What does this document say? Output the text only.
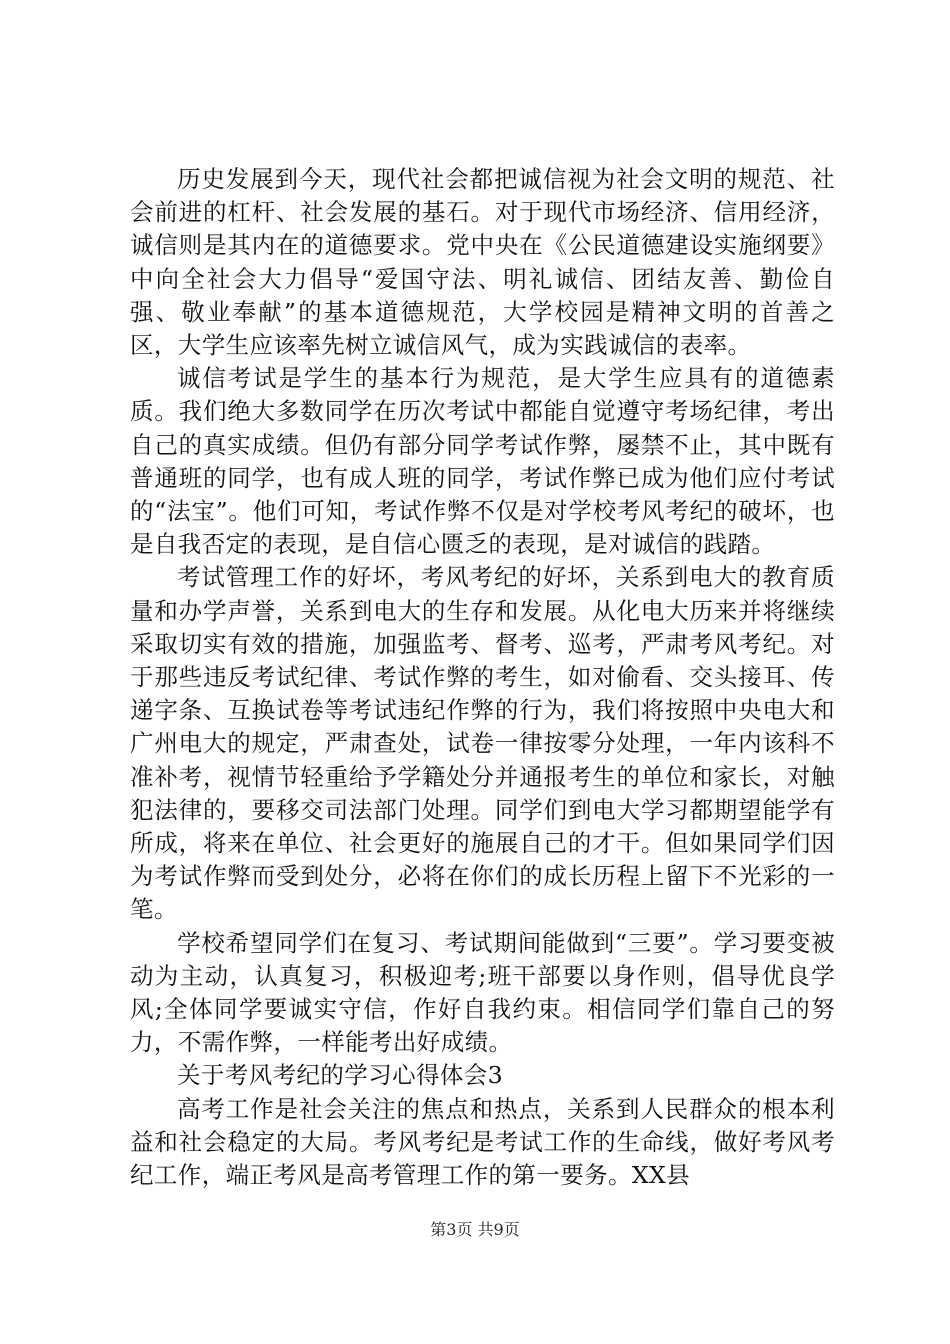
历史发展到今天，现代社会都把诚信视为社会文明的规范、社会前进的杠杆、社会发展的基石。对于现代市场经济、信用经济，诚信则是其内在的道德要求。党中央在《公民道德建设实施纲要》中向全社会大力倡导“爱国守法、明礼诚信、团结友善、勤俭自强、敬业奉献”的基本道德规范，大学校园是精神文明的首善之区，大学生应该率先树立诚信风气，成为实践诚信的表率。

诚信考试是学生的基本行为规范，是大学生应具有的道德素质。我们绝大多数同学在历次考试中都能自觉遵守考场纪律，考出自己的真实成绩。但仍有部分同学考试作弊，屡禁不止，其中既有普通班的同学，也有成人班的同学，考试作弊已成为他们应付考试的“法宝”。他们可知，考试作弊不仅是对学校考风考纪的破坏，也是自我否定的表现，是自信心匮乏的表现，是对诚信的践踏。

考试管理工作的好坏，考风考纪的好坏，关系到电大的教育质量和办学声誉，关系到电大的生存和发展。从化电大历来并将继续采取切实有效的措施，加强监考、督考、巡考，严肃考风考纪。对于那些违反考试纪律、考试作弊的考生，如对偷看、交头接耳、传递字条、互换试卷等考试违纪作弊的行为，我们将按照中央电大和广州电大的规定，严肃查处，试卷一律按零分处理，一年内该科不准补考，视情节轻重给予学籍处分并通报考生的单位和家长，对触犯法律的，要移交司法部门处理。同学们到电大学习都期望能学有所成，将来在单位、社会更好的施展自己的才干。但如果同学们因为考试作弊而受到处分，必将在你们的成长历程上留下不光彩的一笔。

学校希望同学们在复习、考试期间能做到“三要”。学习要变被动为主动，认真复习，积极迎考;班干部要以身作则，倡导优良学风;全体同学要诚实守信，作好自我约束。相信同学们靠自己的努力，不需作弊，一样能考出好成绩。

关于考风考纪的学习心得体会3

高考工作是社会关注的焦点和热点，关系到人民群众的根本利益和社会稳定的大局。考风考纪是考试工作的生命线，做好考风考纪工作，端正考风是高考管理工作的第一要务。XX县

第3页 共9页
